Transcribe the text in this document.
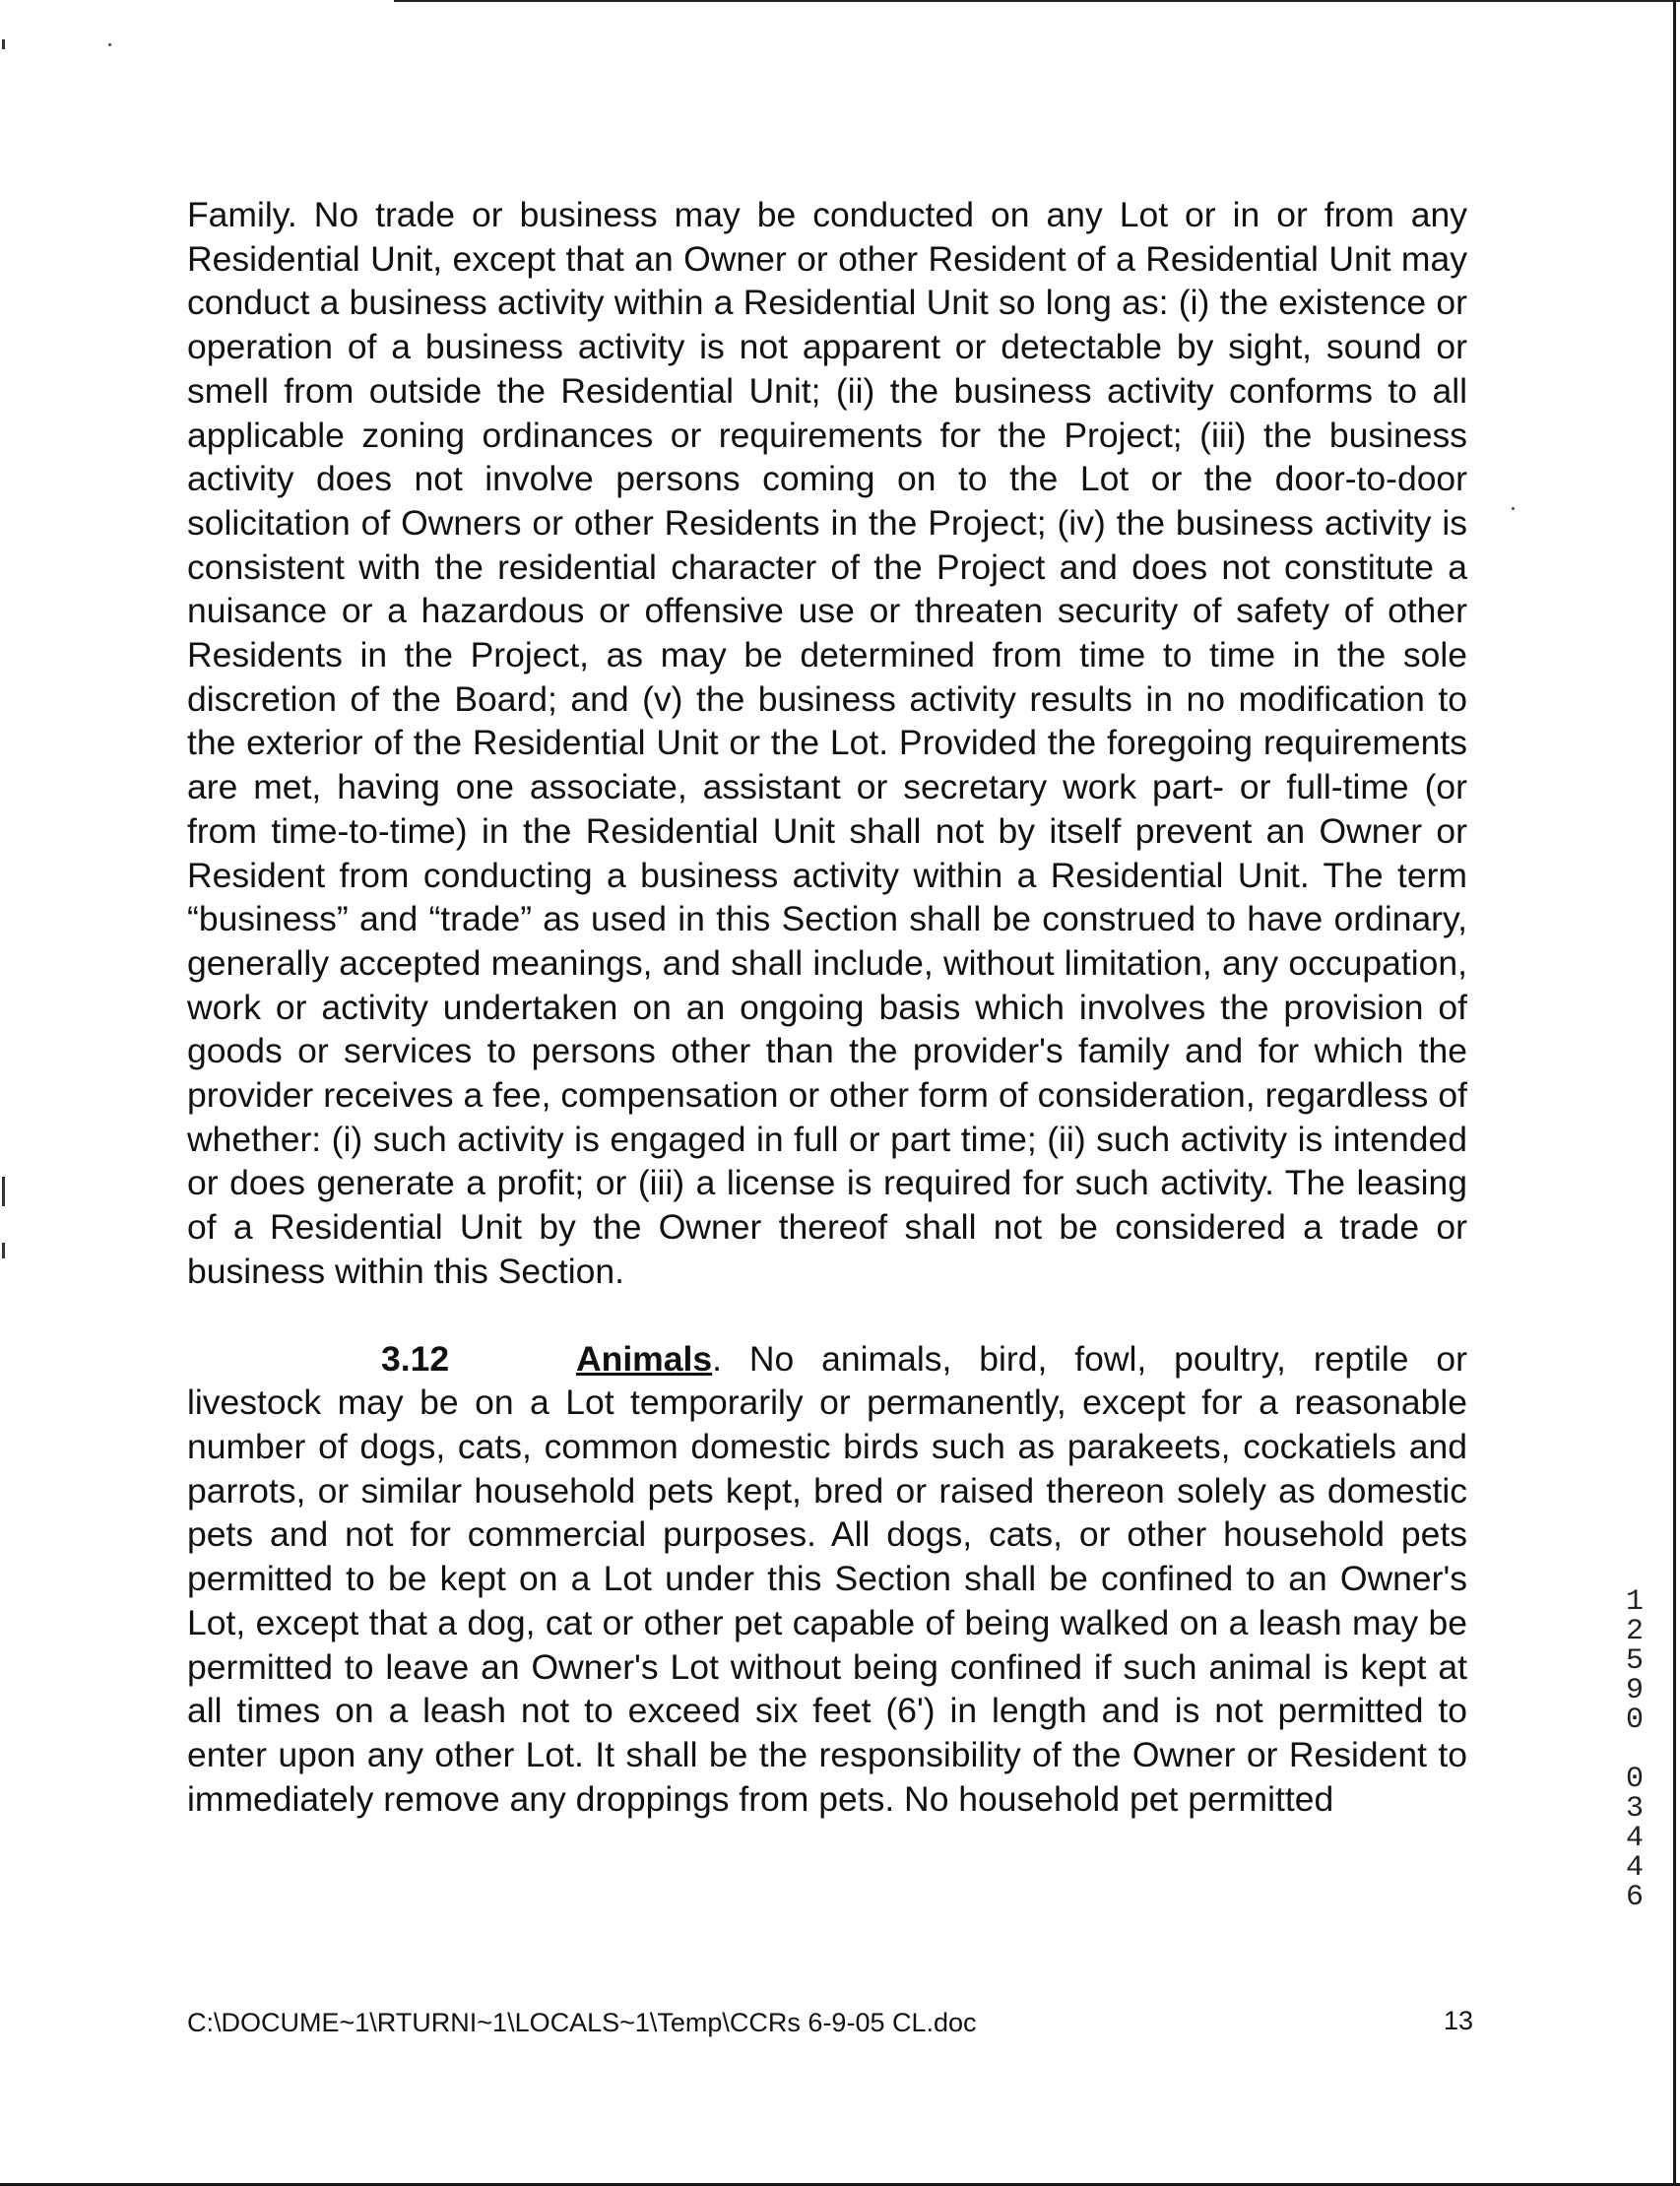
Family. No trade or business may be conducted on any Lot or in or from any Residential Unit, except that an Owner or other Resident of a Residential Unit may conduct a business activity within a Residential Unit so long as: (i) the existence or operation of a business activity is not apparent or detectable by sight, sound or smell from outside the Residential Unit; (ii) the business activity conforms to all applicable zoning ordinances or requirements for the Project; (iii) the business activity does not involve persons coming on to the Lot or the door-to-door solicitation of Owners or other Residents in the Project; (iv) the business activity is consistent with the residential character of the Project and does not constitute a nuisance or a hazardous or offensive use or threaten security of safety of other Residents in the Project, as may be determined from time to time in the sole discretion of the Board; and (v) the business activity results in no modification to the exterior of the Residential Unit or the Lot. Provided the foregoing requirements are met, having one associate, assistant or secretary work part- or full-time (or from time-to-time) in the Residential Unit shall not by itself prevent an Owner or Resident from conducting a business activity within a Residential Unit. The term “business” and “trade” as used in this Section shall be construed to have ordinary, generally accepted meanings, and shall include, without limitation, any occupation, work or activity undertaken on an ongoing basis which involves the provision of goods or services to persons other than the provider's family and for which the provider receives a fee, compensation or other form of consideration, regardless of whether: (i) such activity is engaged in full or part time; (ii) such activity is intended or does generate a profit; or (iii) a license is required for such activity. The leasing of a Residential Unit by the Owner thereof shall not be considered a trade or business within this Section.

3.12	Animals. No animals, bird, fowl, poultry, reptile or livestock may be on a Lot temporarily or permanently, except for a reasonable number of dogs, cats, common domestic birds such as parakeets, cockatiels and parrots, or similar household pets kept, bred or raised thereon solely as domestic pets and not for commercial purposes. All dogs, cats, or other household pets permitted to be kept on a Lot under this Section shall be confined to an Owner's Lot, except that a dog, cat or other pet capable of being walked on a leash may be permitted to leave an Owner's Lot without being confined if such animal is kept at all times on a leash not to exceed six feet (6') in length and is not permitted to enter upon any other Lot. It shall be the responsibility of the Owner or Resident to immediately remove any droppings from pets. No household pet permitted

1
2
5
9
0

0
3
4
4
6
C:\DOCUME~1\RTURNI~1\LOCALS~1\Temp\CCRs 6-9-05 CL.doc	13
